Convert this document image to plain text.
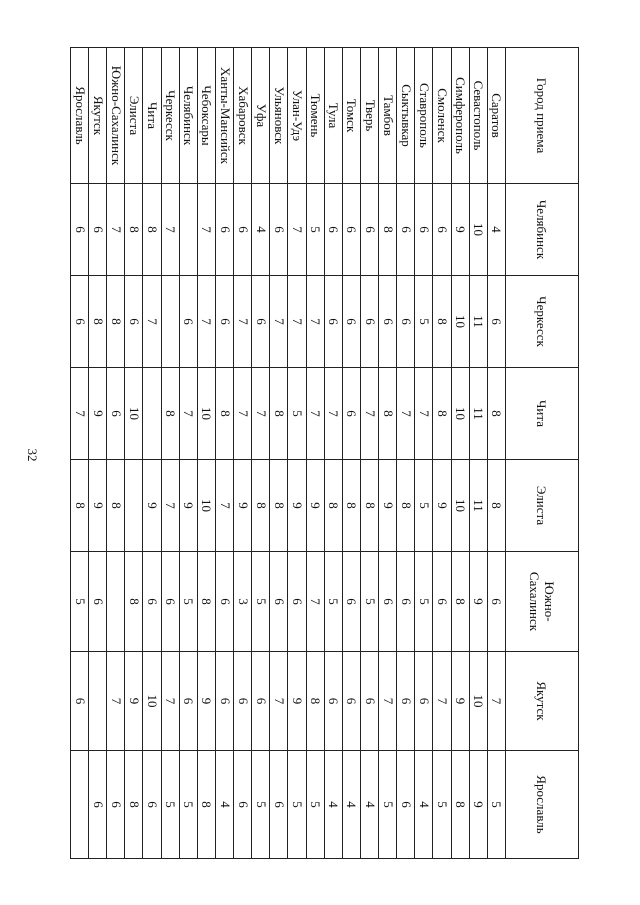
32
Город приема	Челябинск	Черкесск	Чита	Элиста	Южно-Сахалинск	Якутск	Ярославль
Саратов	4	6	8	8	6	7	5
Севастополь	10	11	11	11	9	10	9
Симферополь	9	10	10	10	8	9	8
Смоленск	6	8	8	9	6	7	5
Ставрополь	6	5	7	5	5	6	4
Сыктывкар	6	6	7	8	6	6	6
Тамбов	8	6	8	9	6	7	5
Тверь	6	6	7	8	5	6	4
Томск	6	6	6	8	6	6	4
Тула	6	6	7	8	5	6	4
Тюмень	5	7	7	9	7	8	5
Улан-Удэ	7	7	5	9	6	9	5
Ульяновск	6	7	8	8	6	7	6
Уфа	4	6	7	8	5	6	5
Хабаровск	6	7	7	9	3	6	6
Ханты-Мансийск	6	6	8	7	6	6	4
Чебоксары	7	7	10	10	8	9	8
Челябинск		6	7	9	5	6	5
Черкесск	7		8	7	6	7	5
Чита	8	7		9	6	10	6
Элиста	8	6	10		8	9	8
Южно-Сахалинск	7	8	6	8		7	6
Якутск	6	8	9	9	6		6
Ярославль	6	6	7	8	5	6	
